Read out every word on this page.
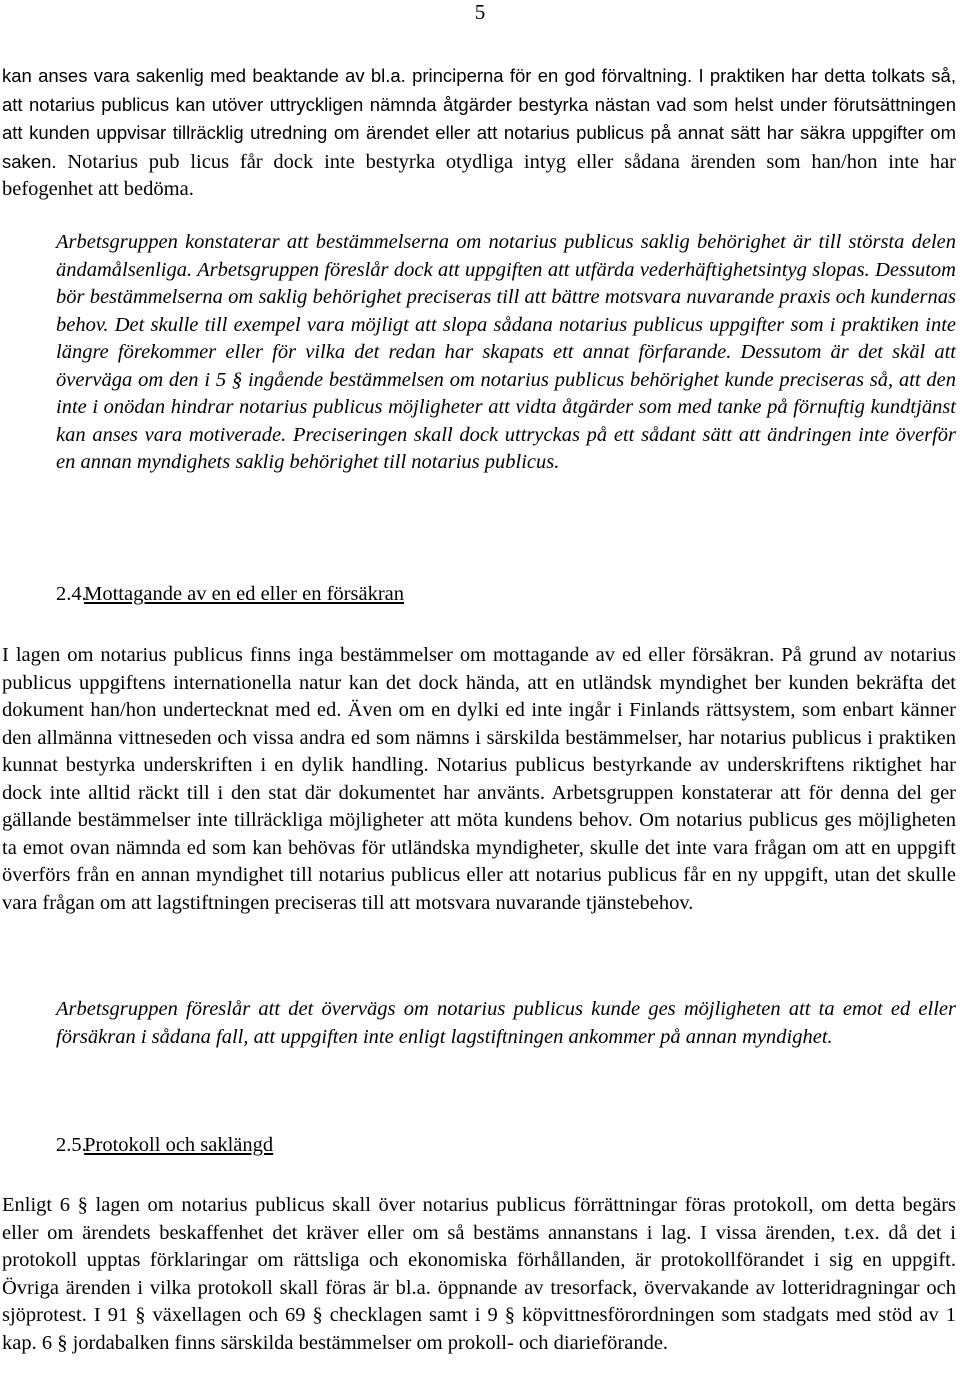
5

kan anses vara sakenlig med beaktande av bl.a. principerna för en god förvaltning. I praktiken har detta tolkats så, att notarius publicus kan utöver uttryckligen nämnda åtgärder bestyrka nästan vad som helst under förutsättningen att kunden uppvisar tillräcklig utredning om ärendet eller att notarius publicus på annat sätt har säkra uppgifter om saken. Notarius pub licus får dock inte bestyrka otydliga intyg eller sådana ärenden som han/hon inte har befogenhet att bedöma.

Arbetsgruppen konstaterar att bestämmelserna om notarius publicus saklig behörighet är till största delen ändamålsenliga. Arbetsgruppen föreslår dock att uppgiften att utfärda vederhäftighetsintyg slopas. Dessutom bör bestämmelserna om saklig behörighet preciseras till att bättre motsvara nuvarande praxis och kundernas behov. Det skulle till exempel vara möjligt att slopa sådana notarius publicus uppgifter som i praktiken inte längre förekommer eller för vilka det redan har skapats ett annat förfarande. Dessutom är det skäl att överväga om den i 5 § ingående bestämmelsen om notarius publicus behörighet kunde preciseras så, att den inte i onödan hindrar notarius publicus möjligheter att vidta åtgärder som med tanke på förnuftig kundtjänst kan anses vara motiverade. Preciseringen skall dock uttryckas på ett sådant sätt att ändringen inte överför en annan myndighets saklig behörighet till notarius publicus.

2.4. Mottagande av en ed eller en försäkran

I lagen om notarius publicus finns inga bestämmelser om mottagande av ed eller försäkran. På grund av notarius publicus uppgiftens internationella natur kan det dock hända, att en utländsk myndighet ber kunden bekräfta det dokument han/hon undertecknat med ed. Även om en dylki ed inte ingår i Finlands rättsystem, som enbart känner den allmänna vittneseden och vissa andra ed som nämns i särskilda bestämmelser, har notarius publicus i praktiken kunnat bestyrka underskriften i en dylik handling. Notarius publicus bestyrkande av underskriftens riktighet har dock inte alltid räckt till i den stat där dokumentet har använts. Arbetsgruppen konstaterar att för denna del ger gällande bestämmelser inte tillräckliga möjligheter att möta kundens behov. Om notarius publicus ges möjligheten ta emot ovan nämnda ed som kan behövas för utländska myndigheter, skulle det inte vara frågan om att en uppgift överförs från en annan myndighet till notarius publicus eller att notarius publicus får en ny uppgift, utan det skulle vara frågan om att lagstiftningen preciseras till att motsvara nuvarande tjänstebehov.

Arbetsgruppen föreslår att det övervägs om notarius publicus kunde ges möjligheten att ta emot ed eller försäkran i sådana fall, att uppgiften inte enligt lagstiftningen ankommer på annan myndighet.

2.5. Protokoll och saklängd

Enligt 6 § lagen om notarius publicus skall över notarius publicus förrättningar föras protokoll, om detta begärs eller om ärendets beskaffenhet det kräver eller om så bestäms annanstans i lag. I vissa ärenden, t.ex. då det i protokoll upptas förklaringar om rättsliga och ekonomiska förhållanden, är protokollförandet i sig en uppgift. Övriga ärenden i vilka protokoll skall föras är bl.a. öppnande av tresorfack, övervakande av lotteridragningar och sjöprotest. I 91 § växellagen och 69 § checklagen samt i 9 § köpvittnesförordningen som stadgats med stöd av 1 kap. 6 § jordabalken finns särskilda bestämmelser om prokoll- och diarieförande.
